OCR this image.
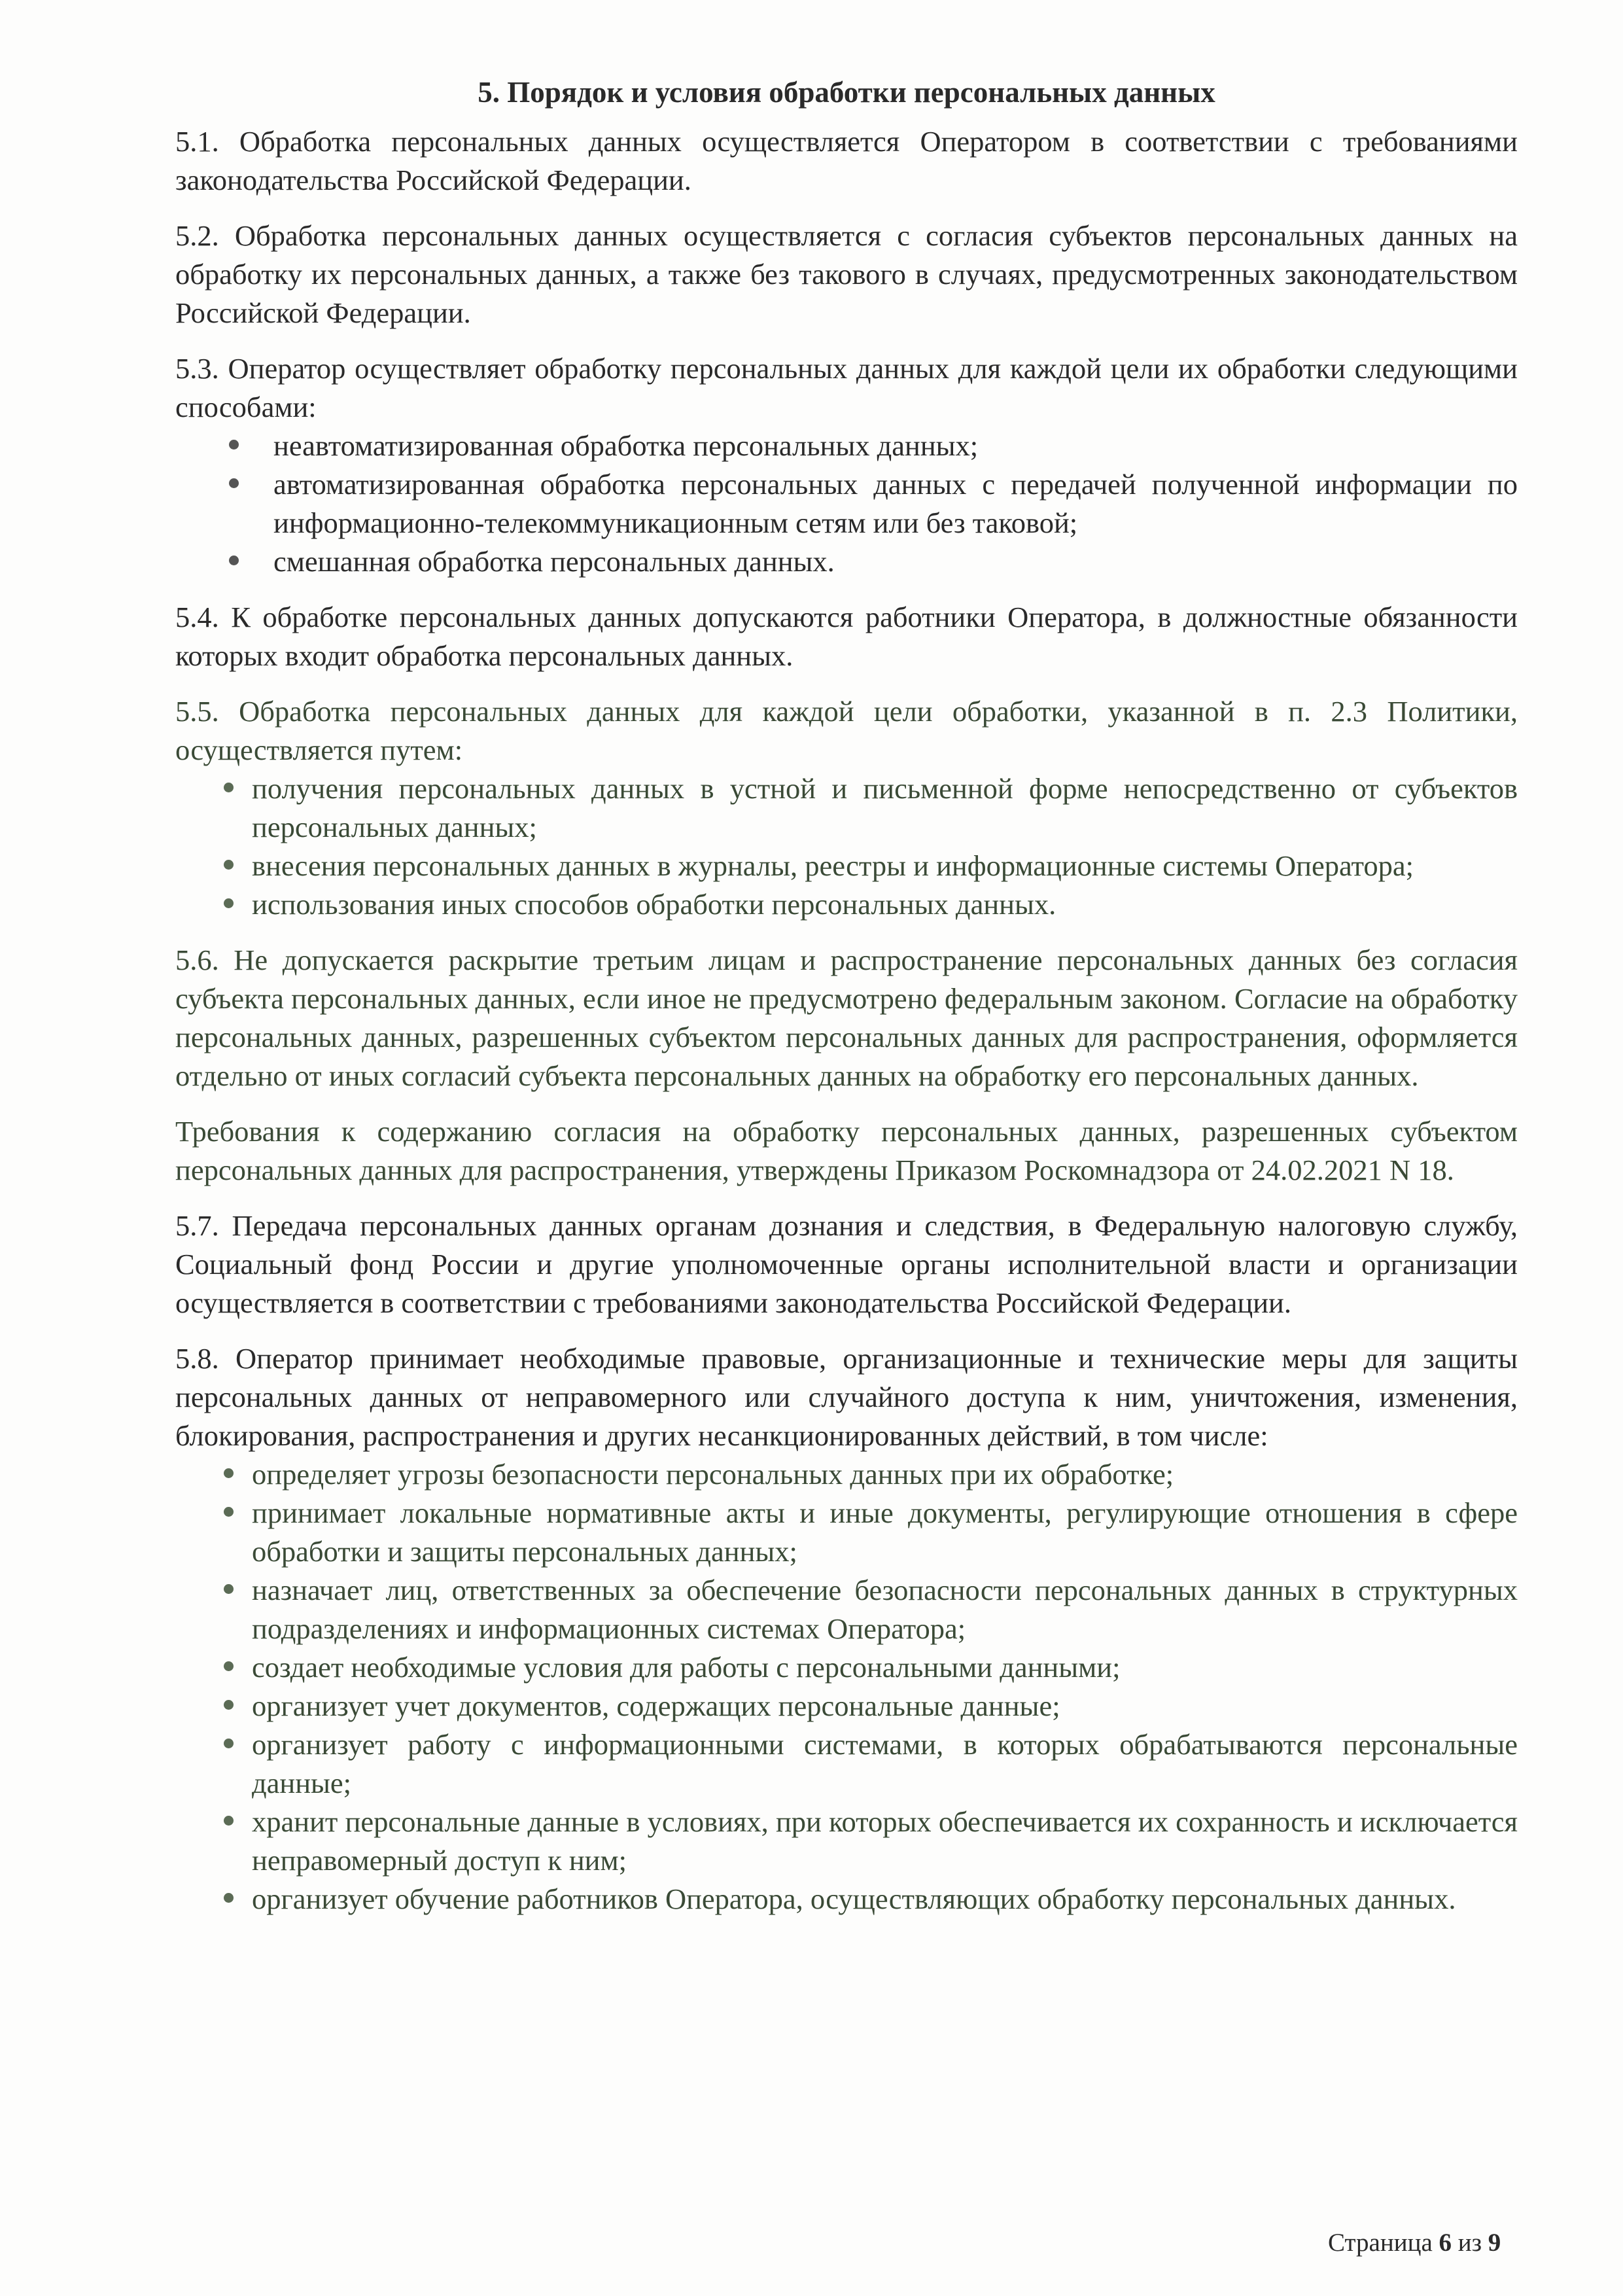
5. Порядок и условия обработки персональных данных
5.1. Обработка персональных данных осуществляется Оператором в соответствии с требованиями законодательства Российской Федерации.
5.2. Обработка персональных данных осуществляется с согласия субъектов персональных данных на обработку их персональных данных, а также без такового в случаях, предусмотренных законодательством Российской Федерации.
5.3. Оператор осуществляет обработку персональных данных для каждой цели их обработки следующими способами:
неавтоматизированная обработка персональных данных;
автоматизированная обработка персональных данных с передачей полученной информации по информационно-телекоммуникационным сетям или без таковой;
смешанная обработка персональных данных.
5.4. К обработке персональных данных допускаются работники Оператора, в должностные обязанности которых входит обработка персональных данных.
5.5. Обработка персональных данных для каждой цели обработки, указанной в п. 2.3 Политики, осуществляется путем:
получения персональных данных в устной и письменной форме непосредственно от субъектов персональных данных;
внесения персональных данных в журналы, реестры и информационные системы Оператора;
использования иных способов обработки персональных данных.
5.6. Не допускается раскрытие третьим лицам и распространение персональных данных без согласия субъекта персональных данных, если иное не предусмотрено федеральным законом. Согласие на обработку персональных данных, разрешенных субъектом персональных данных для распространения, оформляется отдельно от иных согласий субъекта персональных данных на обработку его персональных данных.
Требования к содержанию согласия на обработку персональных данных, разрешенных субъектом персональных данных для распространения, утверждены Приказом Роскомнадзора от 24.02.2021 N 18.
5.7. Передача персональных данных органам дознания и следствия, в Федеральную налоговую службу, Социальный фонд России и другие уполномоченные органы исполнительной власти и организации осуществляется в соответствии с требованиями законодательства Российской Федерации.
5.8. Оператор принимает необходимые правовые, организационные и технические меры для защиты персональных данных от неправомерного или случайного доступа к ним, уничтожения, изменения, блокирования, распространения и других несанкционированных действий, в том числе:
определяет угрозы безопасности персональных данных при их обработке;
принимает локальные нормативные акты и иные документы, регулирующие отношения в сфере обработки и защиты персональных данных;
назначает лиц, ответственных за обеспечение безопасности персональных данных в структурных подразделениях и информационных системах Оператора;
создает необходимые условия для работы с персональными данными;
организует учет документов, содержащих персональные данные;
организует работу с информационными системами, в которых обрабатываются персональные данные;
хранит персональные данные в условиях, при которых обеспечивается их сохранность и исключается неправомерный доступ к ним;
организует обучение работников Оператора, осуществляющих обработку персональных данных.
Страница 6 из 9
